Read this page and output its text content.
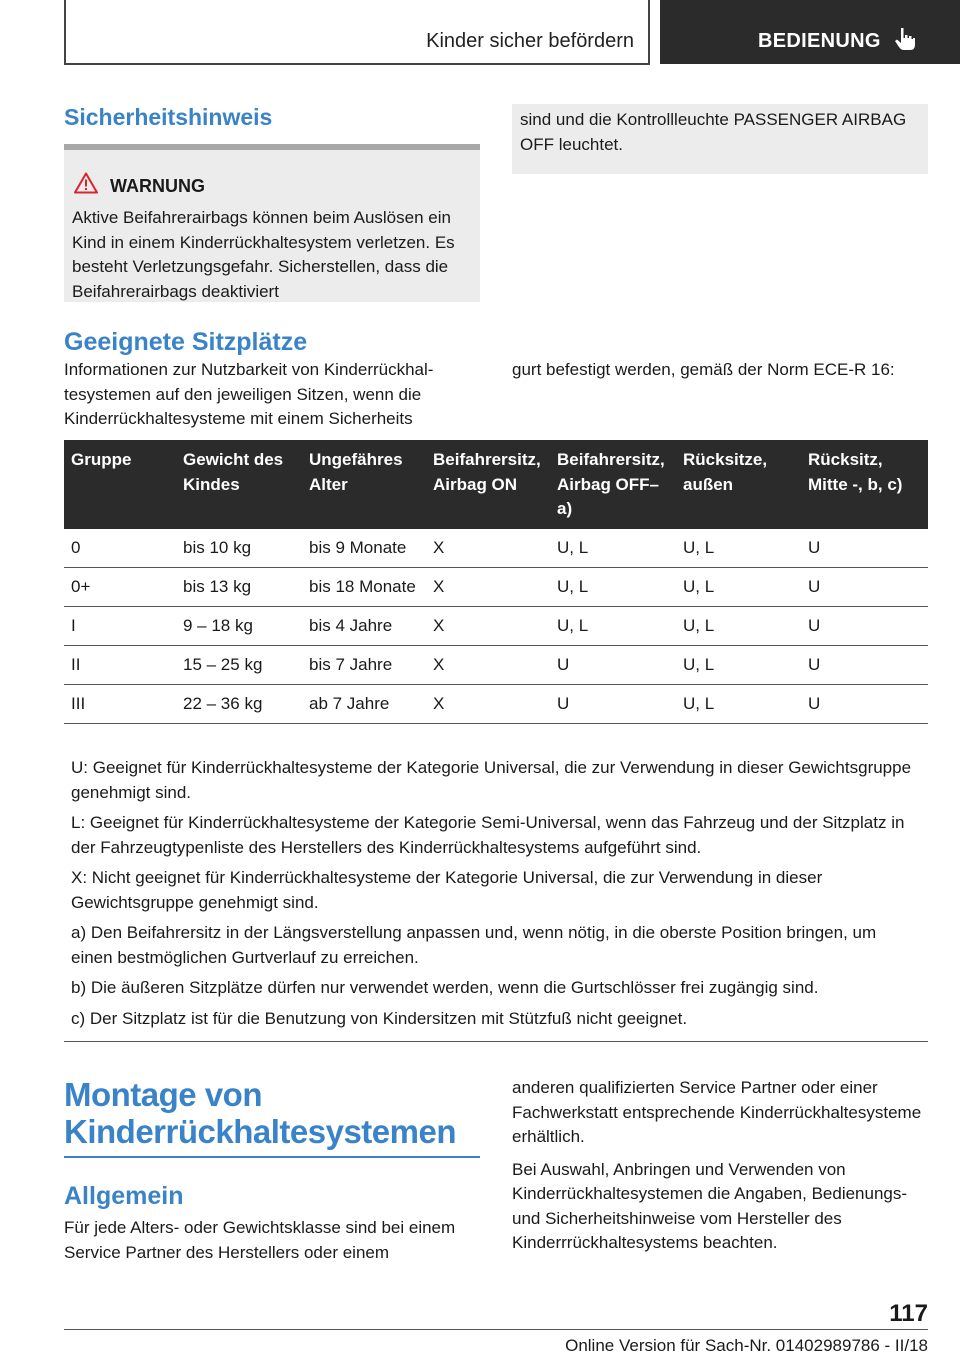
Kinder sicher befördern	BEDIENUNG
Sicherheitshinweis
WARNUNG
Aktive Beifahrerairbags können beim Auslösen ein Kind in einem Kinderrückhaltesystem verletzen. Es besteht Verletzungsgefahr. Sicherstellen, dass die Beifahrerairbags deaktiviert
sind und die Kontrollleuchte PASSENGER AIRBAG OFF leuchtet.
Geeignete Sitzplätze
Informationen zur Nutzbarkeit von Kinderrückhaltesystemen auf den jeweiligen Sitzen, wenn die Kinderrückhaltesysteme mit einem Sicherheits
gurt befestigt werden, gemäß der Norm ECE-R 16:
Gruppe	Gewicht des Kindes	Ungefähres Alter	Beifahrersitz, Airbag ON	Beifahrersitz, Airbag OFF– a)	Rücksitze, außen	Rücksitz, Mitte -, b, c)
0	bis 10 kg	bis 9 Monate	X	U, L	U, L	U
0+	bis 13 kg	bis 18 Monate	X	U, L	U, L	U
I	9 – 18 kg	bis 4 Jahre	X	U, L	U, L	U
II	15 – 25 kg	bis 7 Jahre	X	U	U, L	U
III	22 – 36 kg	ab 7 Jahre	X	U	U, L	U

U: Geeignet für Kinderrückhaltesysteme der Kategorie Universal, die zur Verwendung in dieser Gewichtsgruppe genehmigt sind.

L: Geeignet für Kinderrückhaltesysteme der Kategorie Semi-Universal, wenn das Fahrzeug und der Sitzplatz in der Fahrzeugtypenliste des Herstellers des Kinderrückhaltesystems aufgeführt sind.

X: Nicht geeignet für Kinderrückhaltesysteme der Kategorie Universal, die zur Verwendung in dieser Gewichtsgruppe genehmigt sind.

a) Den Beifahrersitz in der Längsverstellung anpassen und, wenn nötig, in die oberste Position bringen, um einen bestmöglichen Gurtverlauf zu erreichen.

b) Die äußeren Sitzplätze dürfen nur verwendet werden, wenn die Gurtschlösser frei zugängig sind.

c) Der Sitzplatz ist für die Benutzung von Kindersitzen mit Stützfuß nicht geeignet.

Montage von Kinderrückhaltesystemen
Allgemein
Für jede Alters- oder Gewichtsklasse sind bei einem Service Partner des Herstellers oder einem

anderen qualifizierten Service Partner oder einer Fachwerkstatt entsprechende Kinderrückhaltesysteme erhältlich.

Bei Auswahl, Anbringen und Verwenden von Kinderrückhaltesystemen die Angaben, Bedienungs- und Sicherheitshinweise vom Hersteller des Kinderrrückhaltesystems beachten.

117
Online Version für Sach-Nr. 01402989786 - II/18
